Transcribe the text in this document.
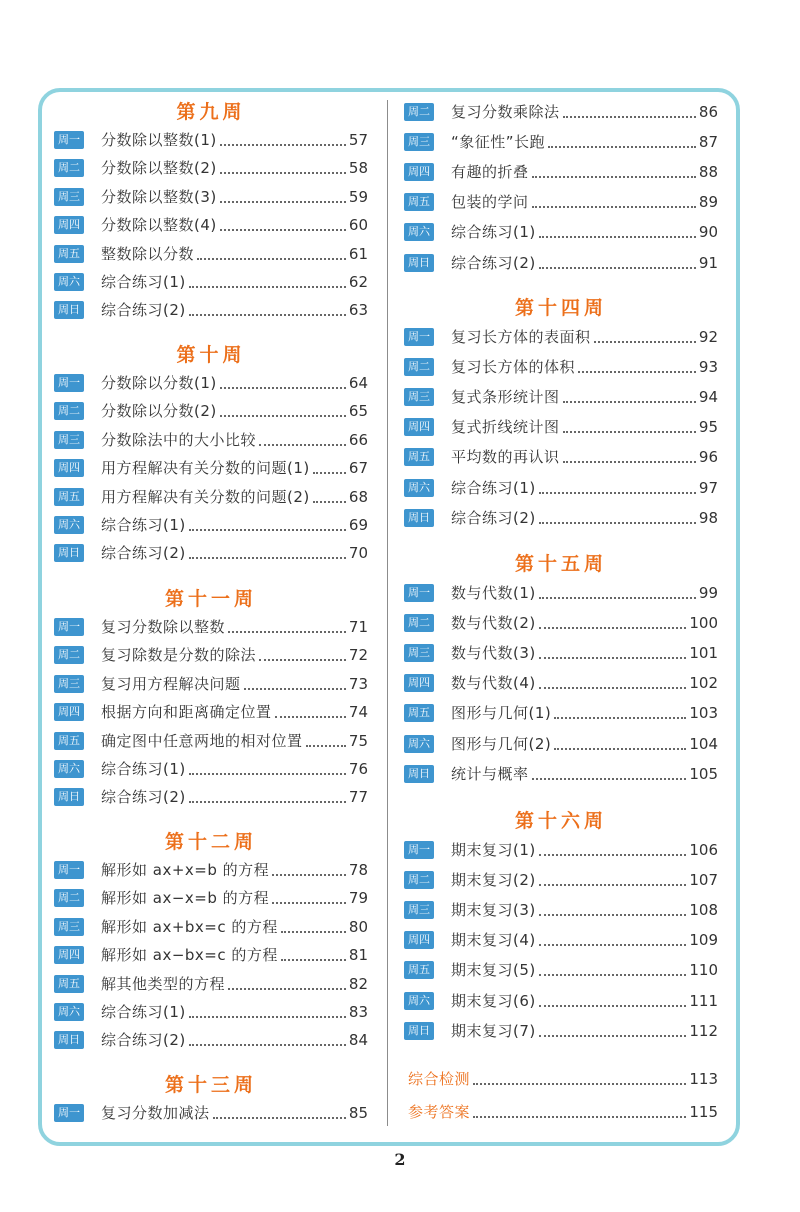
第九周
周一 分数除以整数(1)	57
周二 分数除以整数(2)	58
周三 分数除以整数(3)	59
周四 分数除以整数(4)	60
周五 整数除以分数	61
周六 综合练习(1)	62
周日 综合练习(2)	63
第十周
周一 分数除以分数(1)	64
周二 分数除以分数(2)	65
周三 分数除法中的大小比较	66
周四 用方程解决有关分数的问题(1)	67
周五 用方程解决有关分数的问题(2)	68
周六 综合练习(1)	69
周日 综合练习(2)	70
第十一周
周一 复习分数除以整数	71
周二 复习除数是分数的除法	72
周三 复习用方程解决问题	73
周四 根据方向和距离确定位置	74
周五 确定图中任意两地的相对位置	75
周六 综合练习(1)	76
周日 综合练习(2)	77
第十二周
周一 解形如 ax+x=b 的方程	78
周二 解形如 ax−x=b 的方程	79
周三 解形如 ax+bx=c 的方程	80
周四 解形如 ax−bx=c 的方程	81
周五 解其他类型的方程	82
周六 综合练习(1)	83
周日 综合练习(2)	84
第十三周
周一 复习分数加减法	85
周二 复习分数乘除法	86
周三 “象征性”长跑	87
周四 有趣的折叠	88
周五 包装的学问	89
周六 综合练习(1)	90
周日 综合练习(2)	91
第十四周
周一 复习长方体的表面积	92
周二 复习长方体的体积	93
周三 复式条形统计图	94
周四 复式折线统计图	95
周五 平均数的再认识	96
周六 综合练习(1)	97
周日 综合练习(2)	98
第十五周
周一 数与代数(1)	99
周二 数与代数(2)	100
周三 数与代数(3)	101
周四 数与代数(4)	102
周五 图形与几何(1)	103
周六 图形与几何(2)	104
周日 统计与概率	105
第十六周
周一 期末复习(1)	106
周二 期末复习(2)	107
周三 期末复习(3)	108
周四 期末复习(4)	109
周五 期末复习(5)	110
周六 期末复习(6)	111
周日 期末复习(7)	112
综合检测	113
参考答案	115
2
